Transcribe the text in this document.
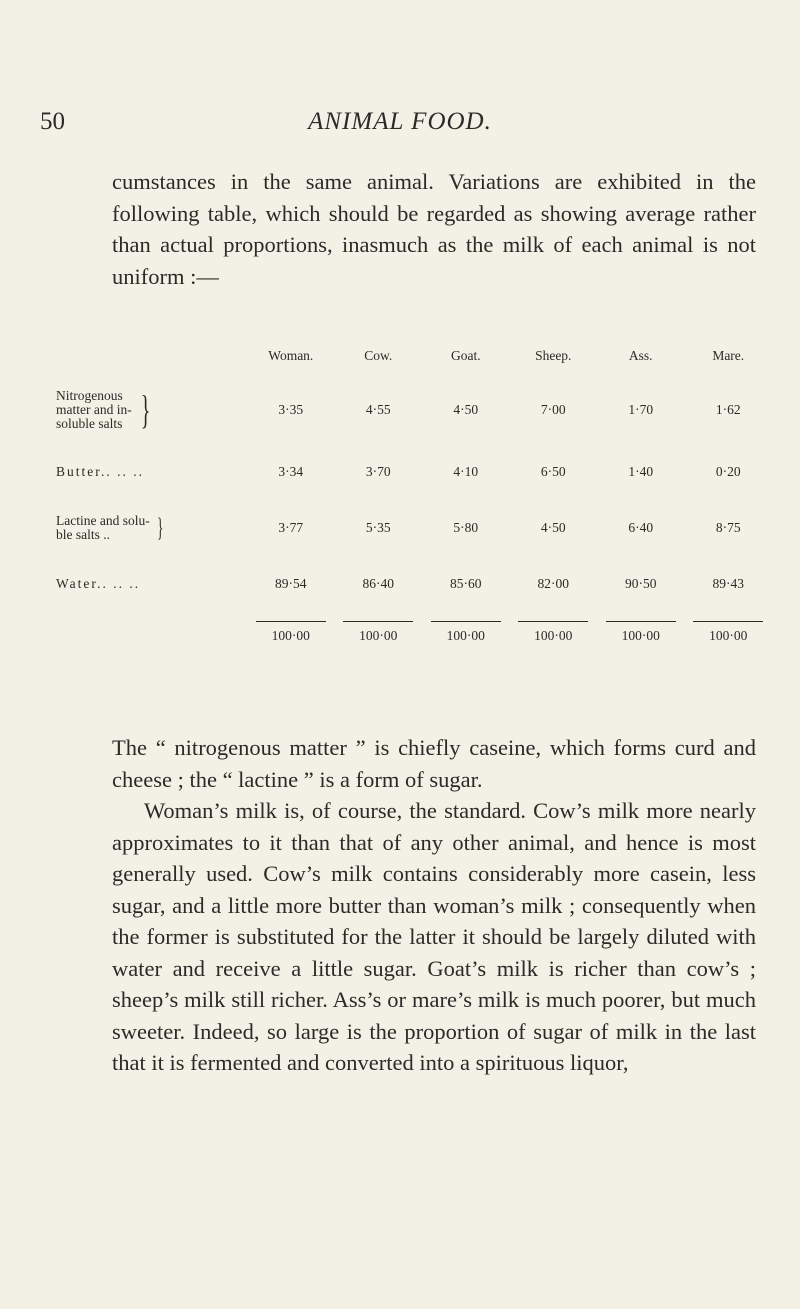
50	ANIMAL FOOD.

cumstances in the same animal. Variations are exhibited in the following table, which should be regarded as showing average rather than actual proportions, inasmuch as the milk of each animal is not uniform :—

	Woman.	Cow.	Goat.	Sheep.	Ass.	Mare.

Nitrogenous
matter and in-
soluble salts }	3·35	4·55	4·50	7·00	1·70	1·62
Butter.. .. ..	3·34	3·70	4·10	6·50	1·40	0·20

Lactine and solu-
ble salts .. }	3·77	5·35	5·80	4·50	6·40	8·75
Water.. .. ..	89·54	86·40	85·60	82·00	90·50	89·43
	100·00	100·00	100·00	100·00	100·00	100·00

The “ nitrogenous matter ” is chiefly caseine, which forms curd and cheese ; the “ lactine ” is a form of sugar.

Woman’s milk is, of course, the standard. Cow’s milk more nearly approximates to it than that of any other animal, and hence is most generally used. Cow’s milk contains considerably more casein, less sugar, and a little more butter than woman’s milk ; consequently when the former is substituted for the latter it should be largely diluted with water and receive a little sugar. Goat’s milk is richer than cow’s ; sheep’s milk still richer. Ass’s or mare’s milk is much poorer, but much sweeter. Indeed, so large is the proportion of sugar of milk in the last that it is fermented and converted into a spirituous liquor,
